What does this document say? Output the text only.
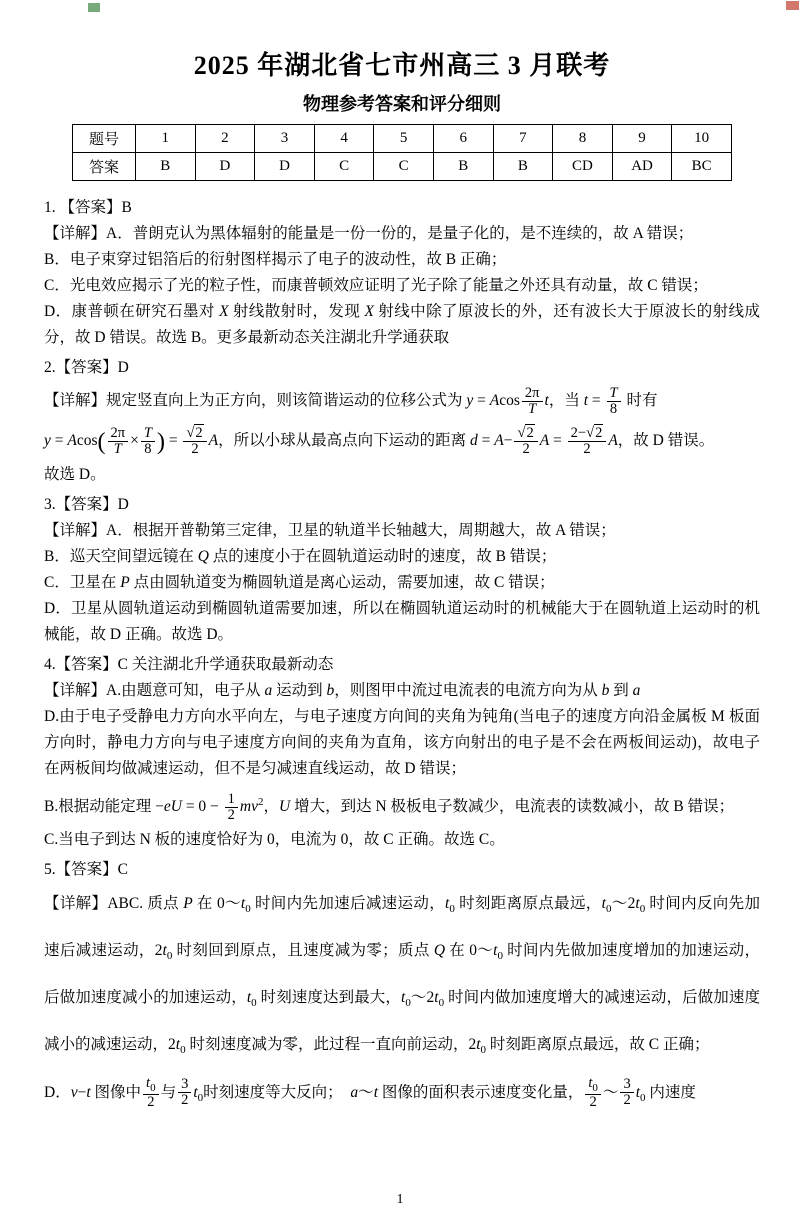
2025 年湖北省七市州高三 3 月联考
物理参考答案和评分细则
题号	1	2	3	4	5	6	7	8	9	10
答案	B	D	D	C	C	B	B	CD	AD	BC

1. 【答案】B

【详解】A．普朗克认为黑体辐射的能量是一份一份的，是量子化的，是不连续的，故 A 错误；

B．电子束穿过铝箔后的衍射图样揭示了电子的波动性，故 B 正确；

C．光电效应揭示了光的粒子性，而康普顿效应证明了光子除了能量之外还具有动量，故 C 错误；

D．康普顿在研究石墨对 X 射线散射时，发现 X 射线中除了原波长的外，还有波长大于原波长的射线成分，故 D 错误。故选 B。更多最新动态关注湖北升学通获取

2.【答案】D

【详解】规定竖直向上为正方向，则该简谐运动的位移公式为 y = Acos $\frac{2\pi}{T}$ t，当 $t = \frac{T}{8}$ 时有

$y = Acos( \frac{2\pi}{T} \times \frac{T}{8}$ ) = $\frac{√2}{2}$ A，所以小球从最高点向下运动的距离 $d = A- \frac{√2}{2}$ $A = \frac{2-√2}{2}$ A，故 D 错误。

故选 D。

3.【答案】D

【详解】A．根据开普勒第三定律，卫星的轨道半长轴越大，周期越大，故 A 错误；

B．巡天空间望远镜在 Q 点的速度小于在圆轨道运动时的速度，故 B 错误；

C．卫星在 P 点由圆轨道变为椭圆轨道是离心运动，需要加速，故 C 错误；

D．卫星从圆轨道运动到椭圆轨道需要加速，所以在椭圆轨道运动时的机械能大于在圆轨道上运动时的机械能，故 D 正确。故选 D。

4.【答案】C 关注湖北升学通获取最新动态

【详解】A.由题意可知，电子从 a 运动到 b，则图甲中流过电流表的电流方向为从 b 到 a

D.由于电子受静电力方向水平向左，与电子速度方向间的夹角为钝角(当电子的速度方向沿金属板 M 板面方向时，静电力方向与电子速度方向间的夹角为直角，该方向射出的电子是不会在两板间运动)，故电子在两板间均做减速运动，但不是匀减速直线运动，故 D 错误；

B.根据动能定理 $-eU = 0 - \frac{1}{2} mv^2$，U 增大，到达 N 极板电子数减少，电流表的读数减小，故 B 错误；

C.当电子到达 N 板的速度恰好为 0，电流为 0，故 C 正确。故选 C。

5.【答案】C

【详解】ABC. 质点 P 在 $0\sim t_0$ 时间内先加速后减速运动，$t_0$ 时刻距离原点最远，$t_0\sim 2t_0$ 时间内反向先加速后减速运动，$2t_0$ 时刻回到原点，且速度减为零；质点 Q 在 $0\sim t_0$ 时间内先做加速度增加的加速运动，后做加速度减小的加速运动，$t_0$ 时刻速度达到最大，$t_0\sim 2t_0$ 时间内做加速度增大的减速运动，后做加速度减小的减速运动，$2t_0$ 时刻速度减为零，此过程一直向前运动，$2t_0$ 时刻距离原点最远，故 C 正确；

D．v−t 图像中 $\frac{t_0}{2}$ 与 $\frac{3}{2} t_0$时刻速度等大反向；　a～t 图像的面积表示速度变化量， $\frac{t_0}{2}$ ～ $\frac{3}{2} t_0$ 内速度

1
